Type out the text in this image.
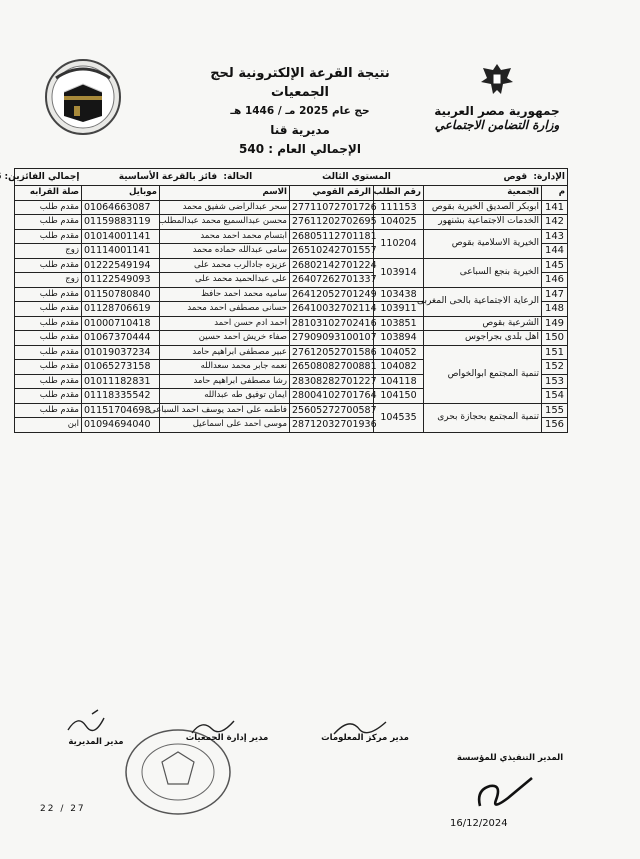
نتيجة القرعة الإلكترونية لحج الجمعيات
حج عام 2025 مـ / 1446 هـ
مديرية قنا
الإجمالي العام : 540
جمهورية مصر العربية
وزارة التضامن الاجتماعي
الإدارة:  قوص		المستوي الثالث		الحالة:  فائز بالقرعة الأساسية		إجمالي الفائزين:
م	الجمعية	رقم الطلب	الرقم القومي	الاسم	موبايل	صلة القرابه
141	ابوبكر الصديق الخيرية بقوص	111153	27711072701726	سحر عبدالراضى شفيق محمد	01064663087	مقدم طلب
142	الخدمات الاجتماعية بشنهور	104025	27611202702695	محسن عبدالسميع محمد عبدالمطلب	01159883119	مقدم طلب
143	الخيرية الاسلامية بقوص	110204	26805112701181	ابتسام محمد احمد محمد	01014001141	مقدم طلب
144			26510242701557	سامى عبدالله حماده محمد	01114001141	زوج
145	الخيرية بنجع السباعى	103914	26802142701224	عزيزه جادالرب محمد على	01222549194	مقدم طلب
146			26407262701337	على عبدالحميد محمد على	01122549093	زوج
147	الرعاية الاجتماعية بالحى المغربى	103438	26412052701249	ساميه محمد احمد حافظ	01150780840	مقدم طلب
148		103911	26410032702114	حسانى مصطفى احمد محمد	01128706619	مقدم طلب
149	الشرعية بقوص	103851	28103102702416	احمد ادم حسن احمد	01000710418	مقدم طلب
150	اهل بلدى بجراجوس	103894	27909093100107	صفاء خريش احمد حسين	01067370444	مقدم طلب
151	تنمية المجتمع ابوالخواص	104052	27612052701586	عبير مصطفى ابراهيم حامد	01019037234	مقدم طلب
152		104082	26508082700881	نعمه جابر محمد سعدالله	01065273158	مقدم طلب
153		104118	28308282701227	رشا مصطفى ابراهيم حامد	01011182831	مقدم طلب
154		104150	28004102701764	ايمان توفيق طه عبدالله	01118335542	مقدم طلب
155	تنمية المجتمع بحجازة بحرى	104535	25605272700587	فاطمه على احمد يوسف احمد السباعى	01151704698	مقدم طلب
156			28712032701936	موسى احمد على اسماعيل	01094694040	ابن
مدير المديرية	مدير إدارة الجمعيات	مدير مركز المعلومات
المدير التنفيذي للمؤسسة
22 / 27
16/12/2024
